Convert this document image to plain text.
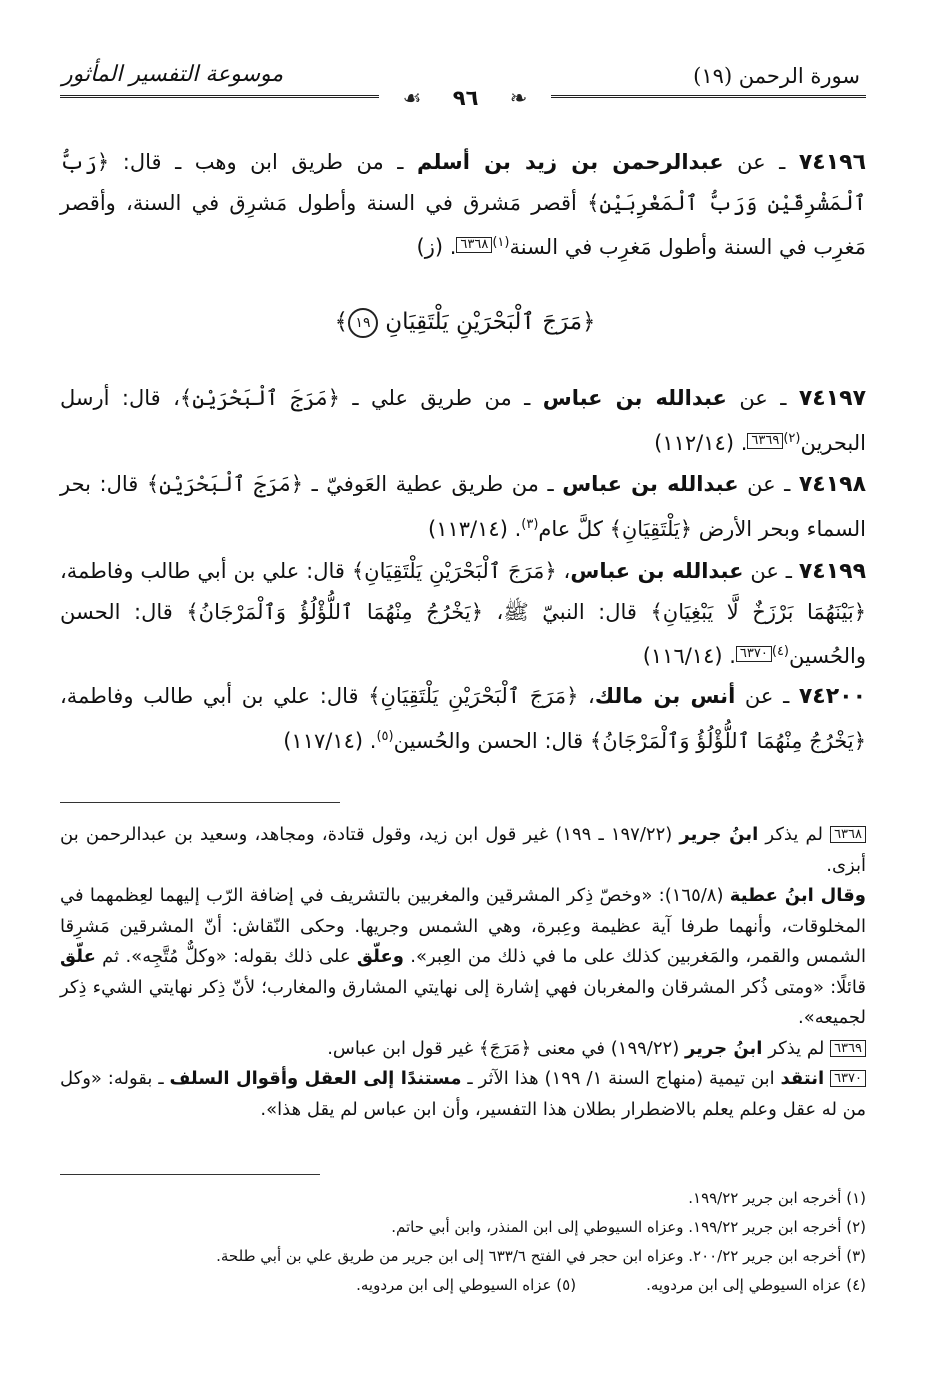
سورة الرحمن (١٩)
موسوعة التفسير المأثور
❧ ٩٦ ☙

٧٤١٩٦ ـ عن عبدالرحمن بن زيد بن أسلم ـ من طريق ابن وهب ـ قال: ﴿رَبُّ ٱلْمَشْرِقَيْنِ وَرَبُّ ٱلْمَغْرِبَيْنِ﴾ أقصر مَشرق في السنة وأطول مَشرِق في السنة، وأقصر مَغرِب في السنة وأطول مَغرِب في السنة$^{(١)}$٦٣٦٨. (ز)

﴿مَرَجَ ٱلْبَحْرَيْنِ يَلْتَقِيَانِ ١٩﴾

٧٤١٩٧ ـ عن عبدالله بن عباس ـ من طريق علي ـ ﴿مَرَجَ ٱلْبَحْرَيْنِ﴾، قال: أرسل البحرين$^{(٢)}$٦٣٦٩. (١١٢/١٤)

٧٤١٩٨ ـ عن عبدالله بن عباس ـ من طريق عطية العَوفيّ ـ ﴿مَرَجَ ٱلْبَحْرَيْنِ﴾ قال: بحر السماء وبحر الأرض ﴿يَلْتَقِيَانِ﴾ كلَّ عام$^{(٣)}$. (١١٣/١٤)

٧٤١٩٩ ـ عن عبدالله بن عباس، ﴿مَرَجَ ٱلْبَحْرَيْنِ يَلْتَقِيَانِ﴾ قال: علي بن أبي طالب وفاطمة، ﴿بَيْنَهُمَا بَرْزَخٌ لَّا يَبْغِيَانِ﴾ قال: النبيّ ﷺ، ﴿يَخْرُجُ مِنْهُمَا ٱللُّؤْلُؤُ وَٱلْمَرْجَانُ﴾ قال: الحسن والحُسين$^{(٤)}$٦٣٧٠. (١١٦/١٤)

٧٤٢٠٠ ـ عن أنس بن مالك، ﴿مَرَجَ ٱلْبَحْرَيْنِ يَلْتَقِيَانِ﴾ قال: علي بن أبي طالب وفاطمة، ﴿يَخْرُجُ مِنْهُمَا ٱللُّؤْلُؤُ وَٱلْمَرْجَانُ﴾ قال: الحسن والحُسين$^{(٥)}$. (١١٧/١٤)

٦٣٦٨ لم يذكر ابنُ جرير (١٩٧/٢٢ ـ ١٩٩) غير قول ابن زيد، وقول قتادة، ومجاهد، وسعيد بن عبدالرحمن بن أبزى.

وقال ابنُ عطية (١٦٥/٨): «وخصّ ذِكر المشرقين والمغربين بالتشريف في إضافة الرّب إليهما لعِظمهما في المخلوقات، وأنهما طرفا آية عظيمة وعِبرة، وهي الشمس وجريها. وحكى النّقاش: أنّ المشرقين مَشرِقا الشمس والقمر، والمَغربين كذلك على ما في ذلك من العِبر». وعلّق على ذلك بقوله: «وكلٌّ مُتَّجِه». ثم علّق قائلًا: «ومتى ذُكر المشرقان والمغربان فهي إشارة إلى نهايتي المشارق والمغارب؛ لأنّ ذِكر نهايتي الشيء ذِكر لجميعه».

٦٣٦٩ لم يذكر ابنُ جرير (١٩٩/٢٢) في معنى ﴿مَرَجَ﴾ غير قول ابن عباس.

٦٣٧٠ انتقد ابن تيمية (منهاج السنة ١/ ١٩٩) هذا الآثر ـ مستندًا إلى العقل وأقوال السلف ـ بقوله: «وكل من له عقل وعلم يعلم بالاضطرار بطلان هذا التفسير، وأن ابن عباس لم يقل هذا».

(١) أخرجه ابن جرير ١٩٩/٢٢.

(٢) أخرجه ابن جرير ١٩٩/٢٢. وعزاه السيوطي إلى ابن المنذر، وابن أبي حاتم.

(٣) أخرجه ابن جرير ٢٠٠/٢٢. وعزاه ابن حجر في الفتح ٦٣٣/٦ إلى ابن جرير من طريق علي بن أبي طلحة.

(٤) عزاه السيوطي إلى ابن مردويه.(٥) عزاه السيوطي إلى ابن مردويه.
